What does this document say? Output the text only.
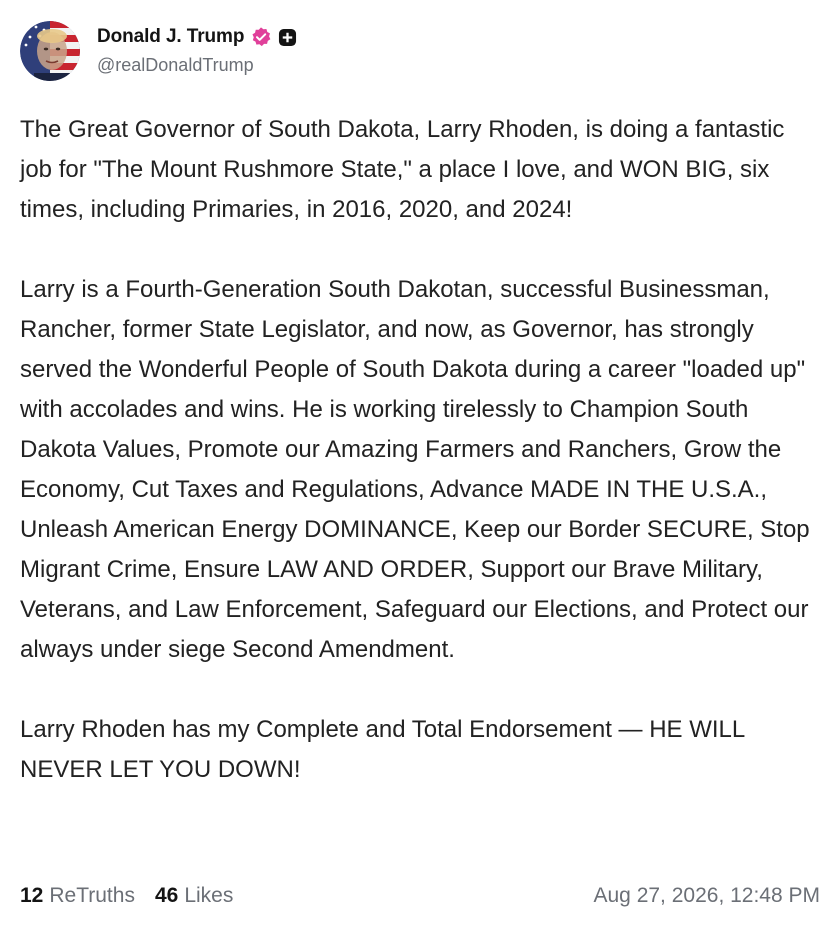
Donald J. Trump
@realDonaldTrump

The Great Governor of South Dakota, Larry Rhoden, is doing a fantastic job for "The Mount Rushmore State," a place I love, and WON BIG, six times, including Primaries, in 2016, 2020, and 2024!

Larry is a Fourth-Generation South Dakotan, successful Businessman, Rancher, former State Legislator, and now, as Governor, has strongly served the Wonderful People of South Dakota during a career "loaded up" with accolades and wins. He is working tirelessly to Champion South Dakota Values, Promote our Amazing Farmers and Ranchers, Grow the Economy, Cut Taxes and Regulations, Advance MADE IN THE U.S.A., Unleash American Energy DOMINANCE, Keep our Border SECURE, Stop Migrant Crime, Ensure LAW AND ORDER, Support our Brave Military, Veterans, and Law Enforcement, Safeguard our Elections, and Protect our always under siege Second Amendment.

Larry Rhoden has my Complete and Total Endorsement — HE WILL NEVER LET YOU DOWN!

12 ReTruths 46 Likes	Aug 27, 2026, 12:48 PM
